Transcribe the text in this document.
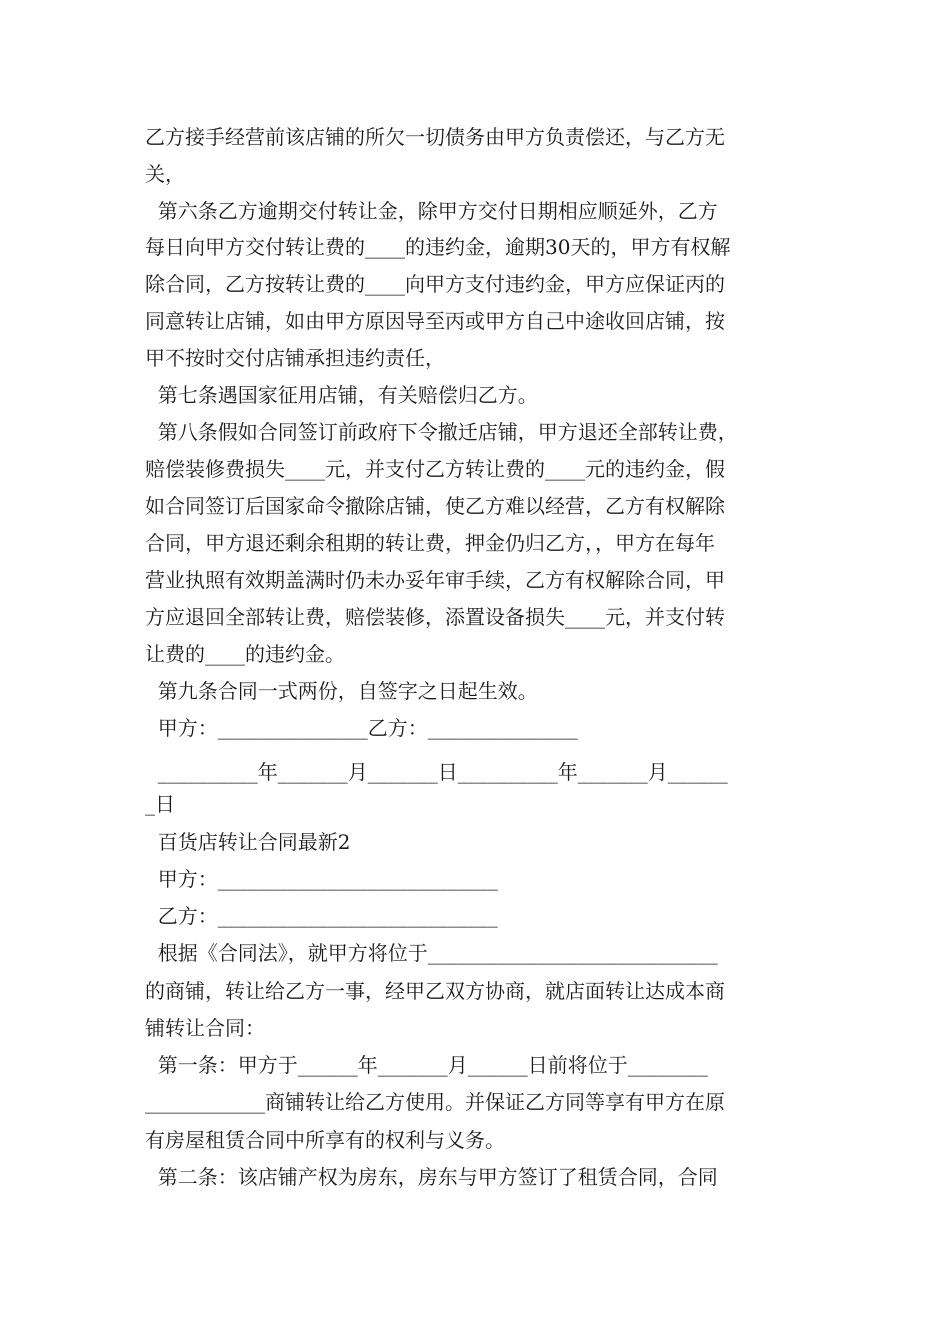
乙方接手经营前该店铺的所欠一切债务由甲方负责偿还，与乙方无

关，

第六条乙方逾期交付转让金，除甲方交付日期相应顺延外，乙方

每日向甲方交付转让费的____的违约金，逾期30天的，甲方有权解

除合同，乙方按转让费的____向甲方支付违约金，甲方应保证丙的

同意转让店铺，如由甲方原因导至丙或甲方自己中途收回店铺，按

甲不按时交付店铺承担违约责任，

第七条遇国家征用店铺，有关赔偿归乙方。

第八条假如合同签订前政府下令撤迁店铺，甲方退还全部转让费，

赔偿装修费损失____元，并支付乙方转让费的____元的违约金，假

如合同签订后国家命令撤除店铺，使乙方难以经营，乙方有权解除

合同，甲方退还剩余租期的转让费，押金仍归乙方，，甲方在每年

营业执照有效期盖满时仍未办妥年审手续，乙方有权解除合同，甲

方应退回全部转让费，赔偿装修，添置设备损失____元，并支付转

让费的____的违约金。

第九条合同一式两份，自签字之日起生效。

甲方：_______________乙方：_______________

__________年_______月_______日__________年_______月______

_日

百货店转让合同最新2

甲方：____________________________

乙方：____________________________

根据《合同法》，就甲方将位于_____________________________

的商铺，转让给乙方一事，经甲乙双方协商，就店面转让达成本商

铺转让合同：

第一条：甲方于______年_______月______日前将位于________

____________商铺转让给乙方使用。并保证乙方同等享有甲方在原

有房屋租赁合同中所享有的权利与义务。

第二条：该店铺产权为房东，房东与甲方签订了租赁合同，合同
